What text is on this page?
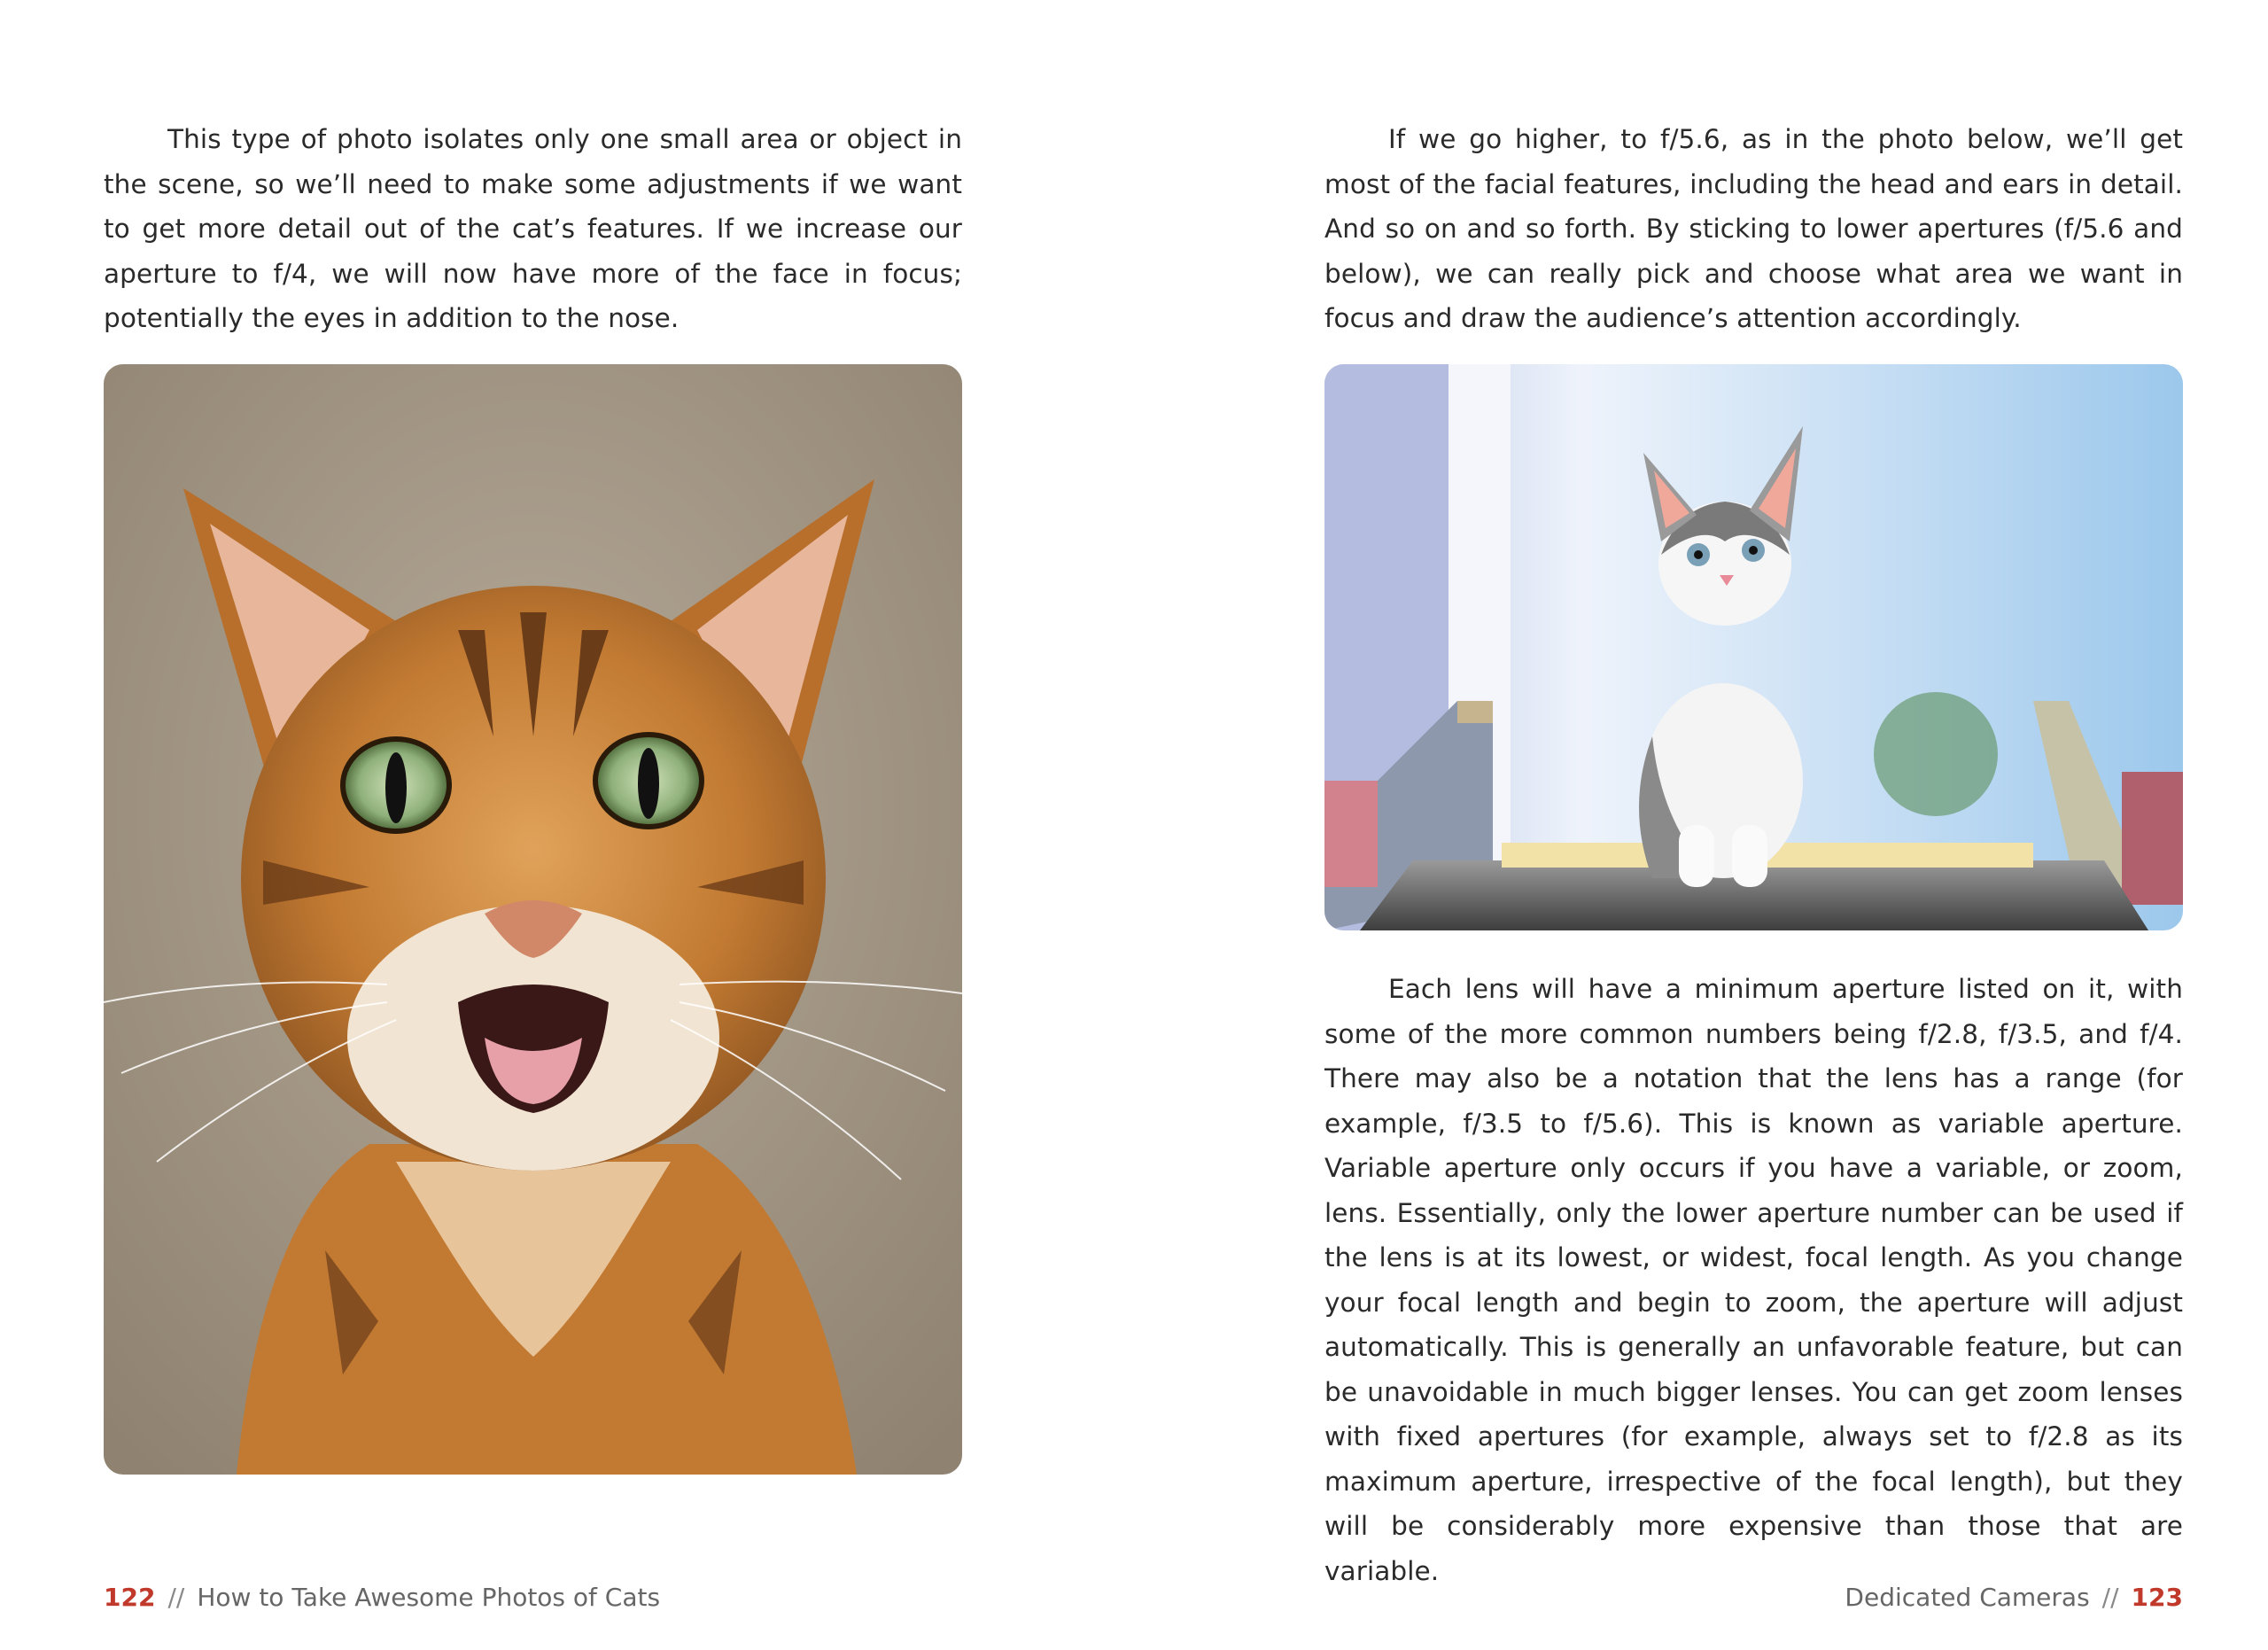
This type of photo isolates only one small area or object in the scene, so we’ll need to make some adjustments if we want to get more detail out of the cat’s features. If we increase our aperture to f/4, we will now have more of the face in focus; potentially the eyes in addition to the nose.

122 // How to Take Awesome Photos of Cats

If we go higher, to f/5.6, as in the photo below, we’ll get most of the facial features, including the head and ears in detail. And so on and so forth. By sticking to lower apertures (f/5.6 and below), we can really pick and choose what area we want in focus and draw the audience’s attention accordingly.

Each lens will have a minimum aperture listed on it, with some of the more common numbers being f/2.8, f/3.5, and f/4. There may also be a notation that the lens has a range (for example, f/3.5 to f/5.6). This is known as variable aperture. Variable aperture only occurs if you have a variable, or zoom, lens. Essentially, only the lower aperture number can be used if the lens is at its lowest, or widest, focal length. As you change your focal length and begin to zoom, the aperture will adjust automatically. This is generally an unfavorable feature, but can be unavoidable in much bigger lenses. You can get zoom lenses with fixed apertures (for example, always set to f/2.8 as its maximum aperture, irrespective of the focal length), but they will be considerably more expensive than those that are variable.

Dedicated Cameras // 123
